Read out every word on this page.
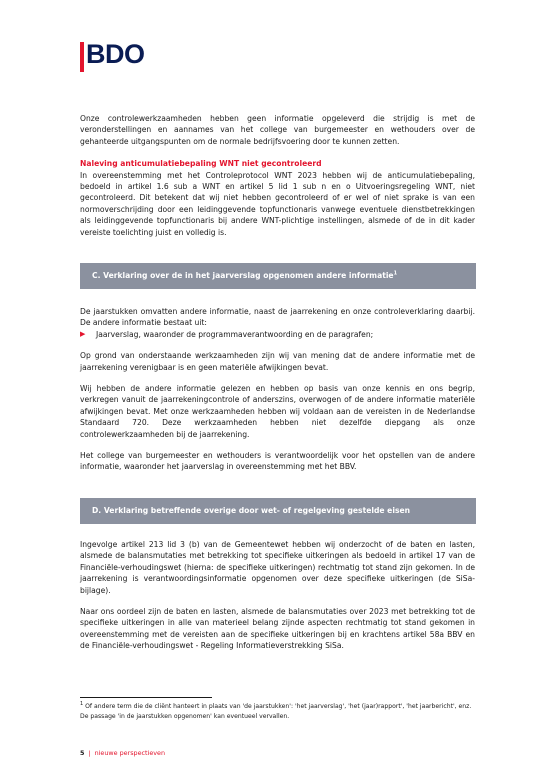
BDO

Onze controlewerkzaamheden hebben geen informatie opgeleverd die strijdig is met de veronderstellingen en aannames van het college van burgemeester en wethouders over de gehanteerde uitgangspunten om de normale bedrijfsvoering door te kunnen zetten.

Naleving anticumulatiebepaling WNT niet gecontroleerd

In overeenstemming met het Controleprotocol WNT 2023 hebben wij de anticumulatiebepaling, bedoeld in artikel 1.6 sub a WNT en artikel 5 lid 1 sub n en o Uitvoeringsregeling WNT, niet gecontroleerd. Dit betekent dat wij niet hebben gecontroleerd of er wel of niet sprake is van een normoverschrijding door een leidinggevende topfunctionaris vanwege eventuele dienstbetrekkingen als leidinggevende topfunctionaris bij andere WNT-plichtige instellingen, alsmede of de in dit kader vereiste toelichting juist en volledig is.

C. Verklaring over de in het jaarverslag opgenomen andere informatie$^1$

De jaarstukken omvatten andere informatie, naast de jaarrekening en onze controleverklaring daarbij. De andere informatie bestaat uit:

▶	Jaarverslag, waaronder de programmaverantwoording en de paragrafen;

Op grond van onderstaande werkzaamheden zijn wij van mening dat de andere informatie met de jaarrekening verenigbaar is en geen materiële afwijkingen bevat.

Wij hebben de andere informatie gelezen en hebben op basis van onze kennis en ons begrip, verkregen vanuit de jaarrekeningcontrole of anderszins, overwogen of de andere informatie materiële afwijkingen bevat. Met onze werkzaamheden hebben wij voldaan aan de vereisten in de Nederlandse Standaard 720. Deze werkzaamheden hebben niet dezelfde diepgang als onze controlewerkzaamheden bij de jaarrekening.

Het college van burgemeester en wethouders is verantwoordelijk voor het opstellen van de andere informatie, waaronder het jaarverslag in overeenstemming met het BBV.

D. Verklaring betreffende overige door wet- of regelgeving gestelde eisen

Ingevolge artikel 213 lid 3 (b) van de Gemeentewet hebben wij onderzocht of de baten en lasten, alsmede de balansmutaties met betrekking tot specifieke uitkeringen als bedoeld in artikel 17 van de Financiële-verhoudingswet (hierna: de specifieke uitkeringen) rechtmatig tot stand zijn gekomen. In de jaarrekening is verantwoordingsinformatie opgenomen over deze specifieke uitkeringen (de SiSa-bijlage).

Naar ons oordeel zijn de baten en lasten, alsmede de balansmutaties over 2023 met betrekking tot de specifieke uitkeringen in alle van materieel belang zijnde aspecten rechtmatig tot stand gekomen in overeenstemming met de vereisten aan de specifieke uitkeringen bij en krachtens artikel 58a BBV en de Financiële-verhoudingswet - Regeling Informatieverstrekking SiSa.

$^1$ Of andere term die de cliënt hanteert in plaats van 'de jaarstukken': 'het jaarverslag', 'het (jaar)rapport', 'het jaarbericht', enz. De passage 'in de jaarstukken opgenomen' kan eventueel vervallen.
5 | nieuwe perspectieven
